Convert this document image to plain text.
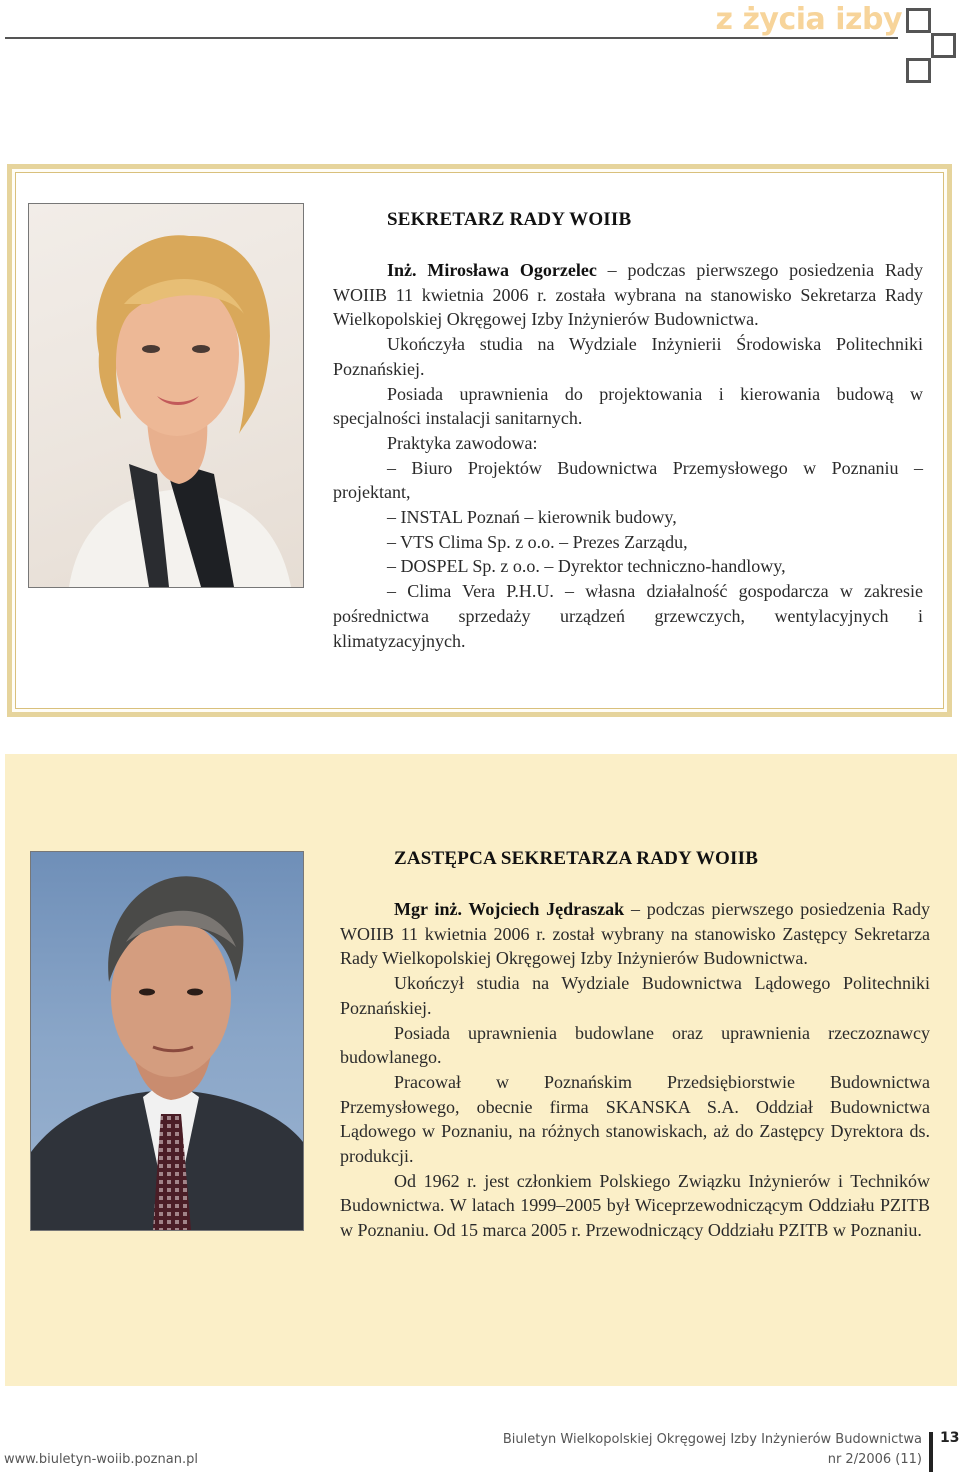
z życia izby
SEKRETARZ RADY WOIIB

Inż. Mirosława Ogorzelec – podczas pierwszego posiedzenia Rady WOIIB 11 kwietnia 2006 r. została wybrana na stanowisko Sekretarza Rady Wielkopolskiej Okręgowej Izby Inżynierów Budownictwa.

Ukończyła studia na Wydziale Inżynierii Środowiska Politechniki Poznańskiej.

Posiada uprawnienia do projektowania i kierowania budową w specjalności instalacji sanitarnych.

Praktyka zawodowa:

– Biuro Projektów Budownictwa Przemysłowego w Poznaniu – projektant,

– INSTAL Poznań – kierownik budowy,

– VTS Clima Sp. z o.o. – Prezes Zarządu,

– DOSPEL Sp. z o.o. – Dyrektor techniczno-handlowy,

– Clima Vera P.H.U. – własna działalność gospodarcza w zakresie pośrednictwa sprzedaży urządzeń grzewczych, wentylacyjnych i klimatyzacyjnych.

ZASTĘPCA SEKRETARZA RADY WOIIB

Mgr inż. Wojciech Jędraszak – podczas pierwszego posiedzenia Rady WOIIB 11 kwietnia 2006 r. został wybrany na stanowisko Zastępcy Sekretarza Rady Wielkopolskiej Okręgowej Izby Inżynierów Budownictwa.

Ukończył studia na Wydziale Budownictwa Lądowego Politechniki Poznańskiej.

Posiada uprawnienia budowlane oraz uprawnienia rzeczoznawcy budowlanego.

Pracował w Poznańskim Przedsiębiorstwie Budownictwa Przemysłowego, obecnie firma SKANSKA S.A. Oddział Budownictwa Lądowego w Poznaniu, na różnych stanowiskach, aż do Zastępcy Dyrektora ds. produkcji.

Od 1962 r. jest członkiem Polskiego Związku Inżynierów i Techników Budownictwa. W latach 1999–2005 był Wiceprzewodniczącym Oddziału PZITB w Poznaniu. Od 15 marca 2005 r. Przewodniczący Oddziału PZITB w Poznaniu.

www.biuletyn-woiib.poznan.pl
Biuletyn Wielkopolskiej Okręgowej Izby Inżynierów Budownictwa
nr 2/2006 (11)
13
